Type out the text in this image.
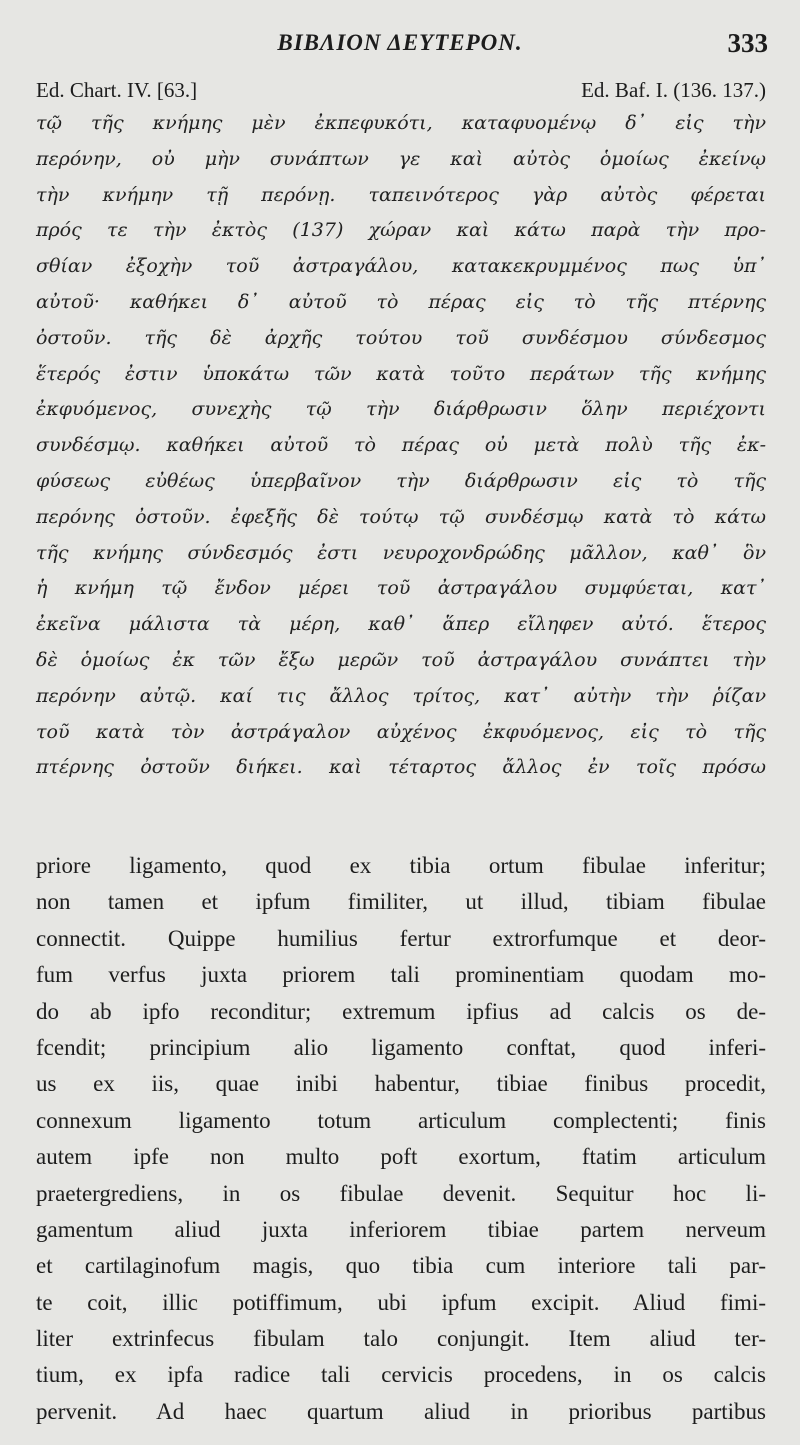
BIBΛΙΟΝ ΔΕΥΤΕΡΟΝ.	333
Ed. Chart. IV. [63.]	Ed. Baf. I. (136. 137.)
τῷ τῆς κνήμης μὲν ἐκπεφυκότι, καταφυομένῳ δ᾽ εἰς τὴν
περόνην, οὐ μὴν συνάπτων γε καὶ αὐτὸς ὁμοίως ἐκείνῳ
τὴν κνήμην τῇ περόνῃ. ταπεινότερος γὰρ αὐτὸς φέρεται
πρός τε τὴν ἐκτὸς (137) χώραν καὶ κάτω παρὰ τὴν προ-
σθίαν ἐξοχὴν τοῦ ἀστραγάλου, κατακεκρυμμένος πως ὑπ᾽
αὐτοῦ· καθήκει δ᾽ αὐτοῦ τὸ πέρας εἰς τὸ τῆς πτέρνης
ὀστοῦν. τῆς δὲ ἀρχῆς τούτου τοῦ συνδέσμου σύνδεσμος
ἕτερός ἐστιν ὑποκάτω τῶν κατὰ τοῦτο περάτων τῆς κνήμης
ἐκφυόμενος, συνεχὴς τῷ τὴν διάρθρωσιν ὅλην περιέχοντι
συνδέσμῳ. καθήκει αὐτοῦ τὸ πέρας οὐ μετὰ πολὺ τῆς ἐκ-
φύσεως εὐθέως ὑπερβαῖνον τὴν διάρθρωσιν εἰς τὸ τῆς
περόνης ὀστοῦν. ἐφεξῆς δὲ τούτῳ τῷ συνδέσμῳ κατὰ τὸ κάτω
τῆς κνήμης σύνδεσμός ἐστι νευροχονδρώδης μᾶλλον, καθ᾽ ὃν
ἡ κνήμη τῷ ἔνδον μέρει τοῦ ἀστραγάλου συμφύεται, κατ᾽
ἐκεῖνα μάλιστα τὰ μέρη, καθ᾽ ἅπερ εἴληφεν αὐτό. ἕτερος
δὲ ὁμοίως ἐκ τῶν ἔξω μερῶν τοῦ ἀστραγάλου συνάπτει τὴν
περόνην αὐτῷ. καί τις ἄλλος τρίτος, κατ᾽ αὐτὴν τὴν ῥίζαν
τοῦ κατὰ τὸν ἀστράγαλον αὐχένος ἐκφυόμενος, εἰς τὸ τῆς
πτέρνης ὀστοῦν διήκει. καὶ τέταρτος ἄλλος ἐν τοῖς πρόσω
priore ligamento, quod ex tibia ortum fibulae inferitur;
non tamen et ipfum fimiliter, ut illud, tibiam fibulae
connectit. Quippe humilius fertur extrorfumque et deor-
fum verfus juxta priorem tali prominentiam quodam mo-
do ab ipfo reconditur; extremum ipfius ad calcis os de-
fcendit; principium alio ligamento conftat, quod inferi-
us ex iis, quae inibi habentur, tibiae finibus procedit,
connexum ligamento totum articulum complectenti; finis
autem ipfe non multo poft exortum, ftatim articulum
praetergrediens, in os fibulae devenit. Sequitur hoc li-
gamentum aliud juxta inferiorem tibiae partem nerveum
et cartilaginofum magis, quo tibia cum interiore tali par-
te coit, illic potiffimum, ubi ipfum excipit. Aliud fimi-
liter extrinfecus fibulam talo conjungit. Item aliud ter-
tium, ex ipfa radice tali cervicis procedens, in os calcis
pervenit. Ad haec quartum aliud in prioribus partibus
